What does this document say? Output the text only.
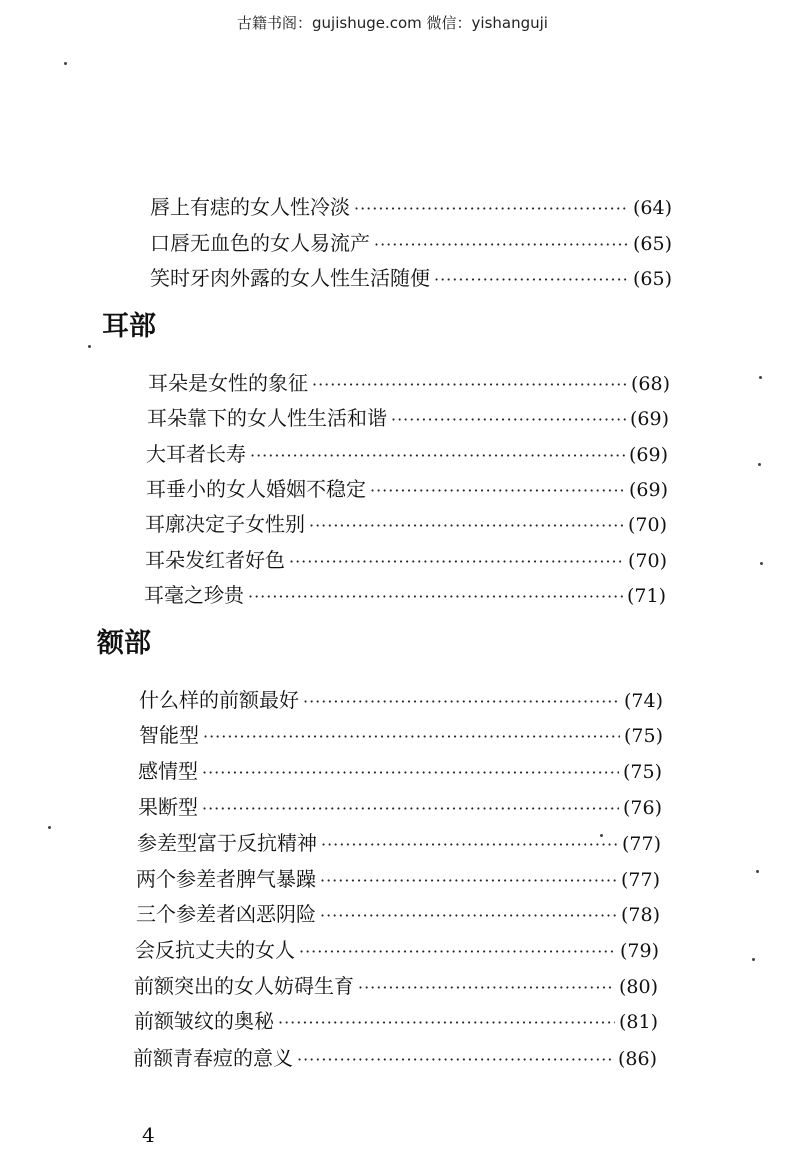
古籍书阁：gujishuge.com 微信：yishanguji
唇上有痣的女人性冷淡 ·····	(64)
口唇无血色的女人易流产 ·····	(65)
笑时牙肉外露的女人性生活随便 ·····	(65)
耳部
耳朵是女性的象征 ·····	(68)
耳朵靠下的女人性生活和谐 ·····	(69)
大耳者长寿 ·····	(69)
耳垂小的女人婚姻不稳定 ·····	(69)
耳廓决定子女性别 ·····	(70)
耳朵发红者好色 ·····	(70)
耳毫之珍贵 ·····	(71)
额部
什么样的前额最好 ·····	(74)
智能型 ·····	(75)
感情型 ·····	(75)
果断型 ·····	(76)
参差型富于反抗精神 ·····	(77)
两个参差者脾气暴躁 ·····	(77)
三个参差者凶恶阴险 ·····	(78)
会反抗丈夫的女人 ·····	(79)
前额突出的女人妨碍生育 ·····	(80)
前额皱纹的奥秘 ·····	(81)
前额青春痘的意义 ·····	(86)
4
